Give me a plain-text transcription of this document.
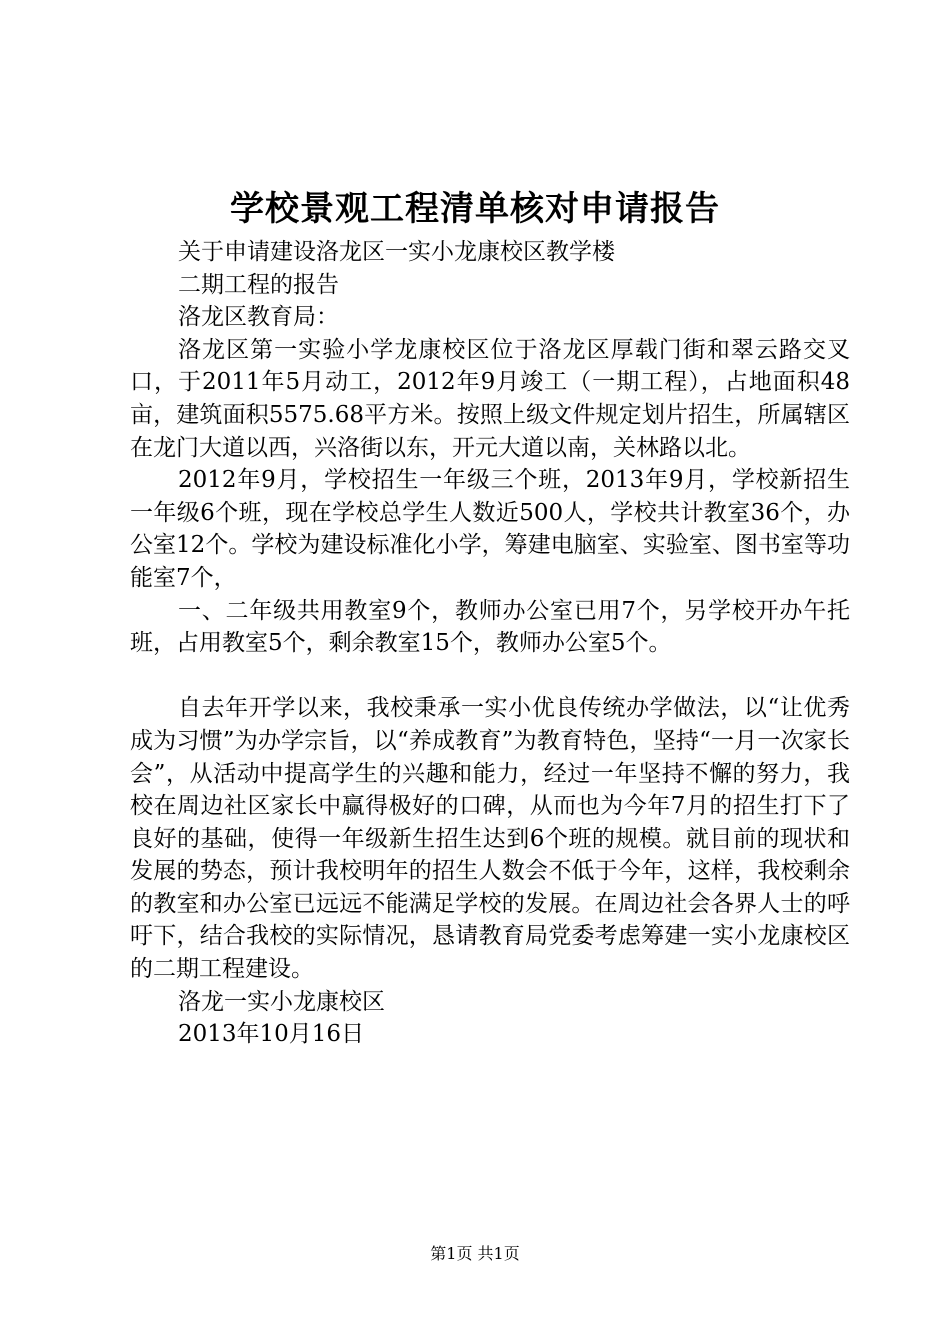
学校景观工程清单核对申请报告

关于申请建设洛龙区一实小龙康校区教学楼

二期工程的报告

洛龙区教育局：

洛龙区第一实验小学龙康校区位于洛龙区厚载门街和翠云路交叉口，于2011年5月动工，2012年9月竣工（一期工程），占地面积48亩，建筑面积5575.68平方米。按照上级文件规定划片招生，所属辖区在龙门大道以西，兴洛街以东，开元大道以南，关林路以北。

2012年9月，学校招生一年级三个班，2013年9月，学校新招生一年级6个班，现在学校总学生人数近500人，学校共计教室36个，办公室12个。学校为建设标准化小学，筹建电脑室、实验室、图书室等功能室7个，

一、二年级共用教室9个，教师办公室已用7个，另学校开办午托班，占用教室5个，剩余教室15个，教师办公室5个。

自去年开学以来，我校秉承一实小优良传统办学做法，以“让优秀成为习惯”为办学宗旨，以“养成教育”为教育特色，坚持“一月一次家长会”，从活动中提高学生的兴趣和能力，经过一年坚持不懈的努力，我校在周边社区家长中赢得极好的口碑，从而也为今年7月的招生打下了良好的基础，使得一年级新生招生达到6个班的规模。就目前的现状和发展的势态，预计我校明年的招生人数会不低于今年，这样，我校剩余的教室和办公室已远远不能满足学校的发展。在周边社会各界人士的呼吁下，结合我校的实际情况，恳请教育局党委考虑筹建一实小龙康校区的二期工程建设。

洛龙一实小龙康校区

2013年10月16日

第1页 共1页
